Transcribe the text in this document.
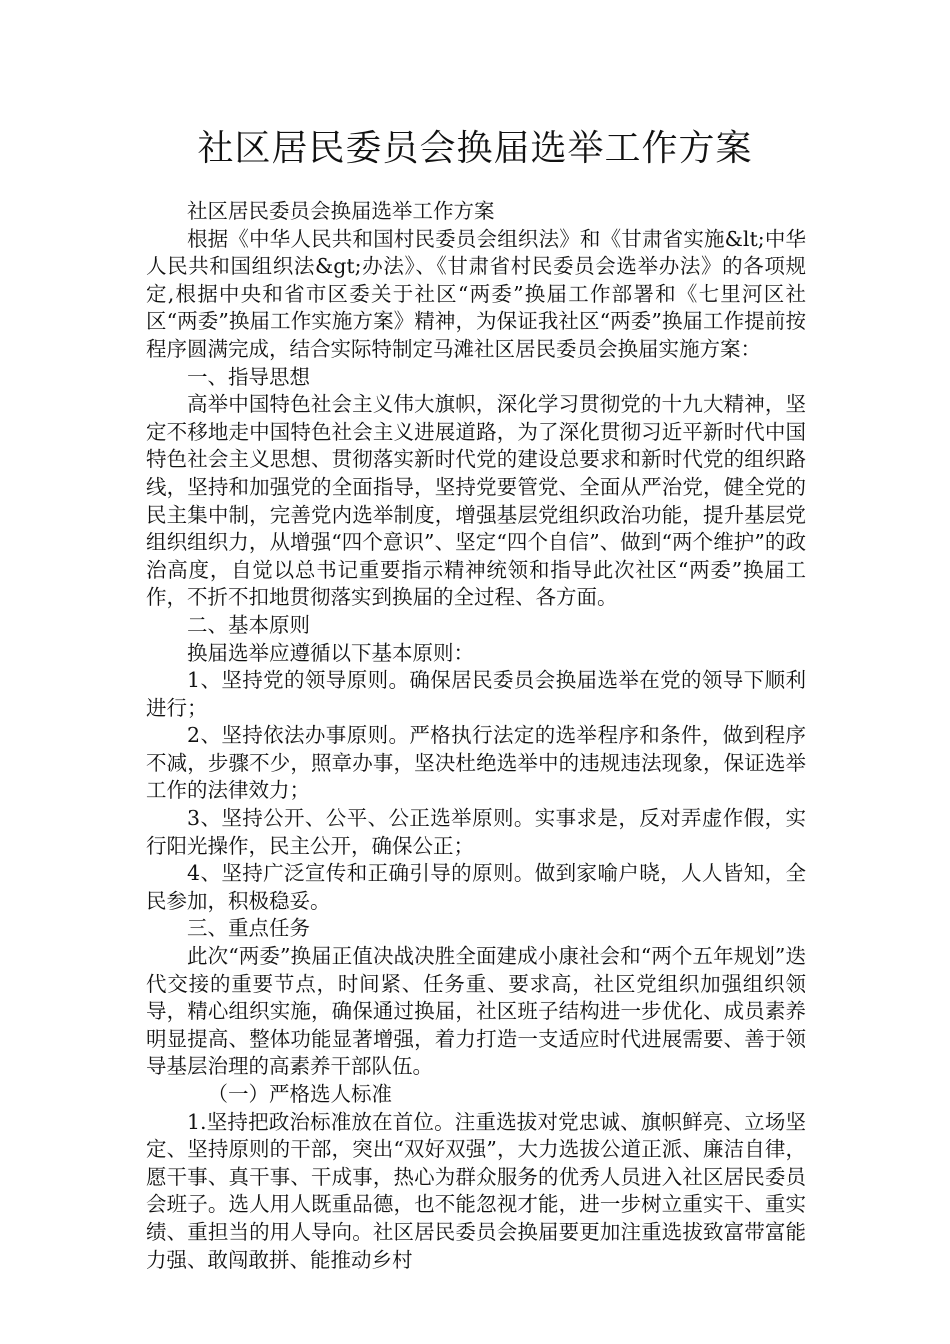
社区居民委员会换届选举工作方案

社区居民委员会换届选举工作方案

根据《中华人民共和国村民委员会组织法》和《甘肃省实施&lt;中华人民共和国组织法&gt;办法》、《甘肃省村民委员会选举办法》的各项规定,根据中央和省市区委关于社区“两委”换届工作部署和《七里河区社区“两委”换届工作实施方案》精神，为保证我社区“两委”换届工作提前按程序圆满完成，结合实际特制定马滩社区居民委员会换届实施方案：

一、指导思想

高举中国特色社会主义伟大旗帜，深化学习贯彻党的十九大精神，坚定不移地走中国特色社会主义进展道路，为了深化贯彻习近平新时代中国特色社会主义思想、贯彻落实新时代党的建设总要求和新时代党的组织路线，坚持和加强党的全面指导，坚持党要管党、全面从严治党，健全党的民主集中制，完善党内选举制度，增强基层党组织政治功能，提升基层党组织组织力，从增强“四个意识”、坚定“四个自信”、做到“两个维护”的政治高度，自觉以总书记重要指示精神统领和指导此次社区“两委”换届工作，不折不扣地贯彻落实到换届的全过程、各方面。

二、基本原则

换届选举应遵循以下基本原则：

1、坚持党的领导原则。确保居民委员会换届选举在党的领导下顺利进行；

2、坚持依法办事原则。严格执行法定的选举程序和条件，做到程序不减，步骤不少，照章办事，坚决杜绝选举中的违规违法现象，保证选举工作的法律效力；

3、坚持公开、公平、公正选举原则。实事求是，反对弄虚作假，实行阳光操作，民主公开，确保公正；

4、坚持广泛宣传和正确引导的原则。做到家喻户晓，人人皆知，全民参加，积极稳妥。

三、重点任务

此次“两委”换届正值决战决胜全面建成小康社会和“两个五年规划”迭代交接的重要节点，时间紧、任务重、要求高，社区党组织加强组织领导，精心组织实施，确保通过换届，社区班子结构进一步优化、成员素养明显提高、整体功能显著增强，着力打造一支适应时代进展需要、善于领导基层治理的高素养干部队伍。

（一）严格选人标准

1.坚持把政治标准放在首位。注重选拔对党忠诚、旗帜鲜亮、立场坚定、坚持原则的干部，突出“双好双强”，大力选拔公道正派、廉洁自律，愿干事、真干事、干成事，热心为群众服务的优秀人员进入社区居民委员会班子。选人用人既重品德，也不能忽视才能，进一步树立重实干、重实绩、重担当的用人导向。社区居民委员会换届要更加注重选拔致富带富能力强、敢闯敢拼、能推动乡村
